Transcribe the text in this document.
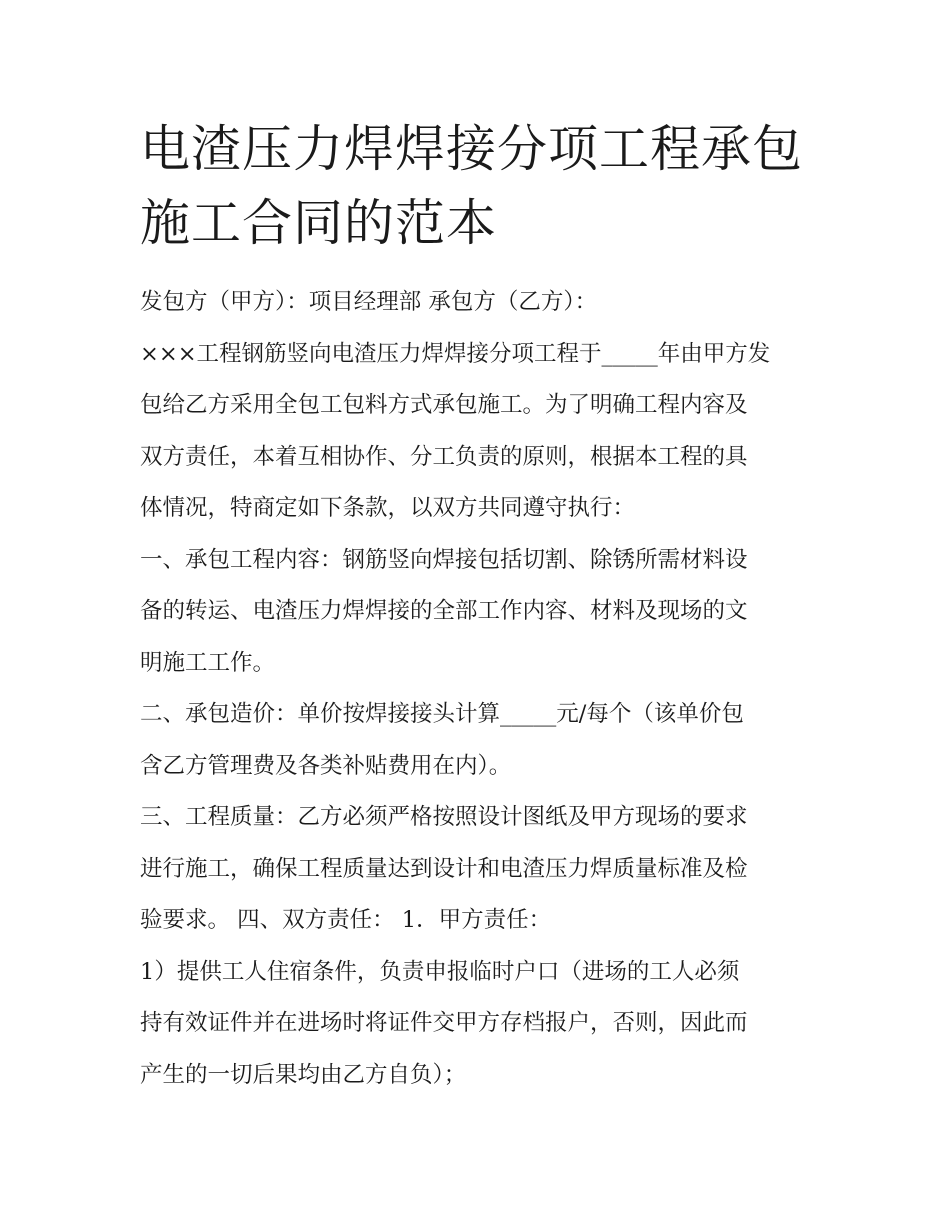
电渣压力焊焊接分项工程承包
施工合同的范本
发包方（甲方）：项目经理部 承包方（乙方）：
×××工程钢筋竖向电渣压力焊焊接分项工程于_____年由甲方发
包给乙方采用全包工包料方式承包施工。为了明确工程内容及
双方责任，本着互相协作、分工负责的原则，根据本工程的具
体情况，特商定如下条款，以双方共同遵守执行：
一、承包工程内容：钢筋竖向焊接包括切割、除锈所需材料设
备的转运、电渣压力焊焊接的全部工作内容、材料及现场的文
明施工工作。
二、承包造价：单价按焊接接头计算_____元/每个（该单价包
含乙方管理费及各类补贴费用在内）。
三、工程质量：乙方必须严格按照设计图纸及甲方现场的要求
进行施工，确保工程质量达到设计和电渣压力焊质量标准及检
验要求。 四、双方责任： 1．甲方责任：
1）提供工人住宿条件，负责申报临时户口（进场的工人必须
持有效证件并在进场时将证件交甲方存档报户，否则，因此而
产生的一切后果均由乙方自负）；
